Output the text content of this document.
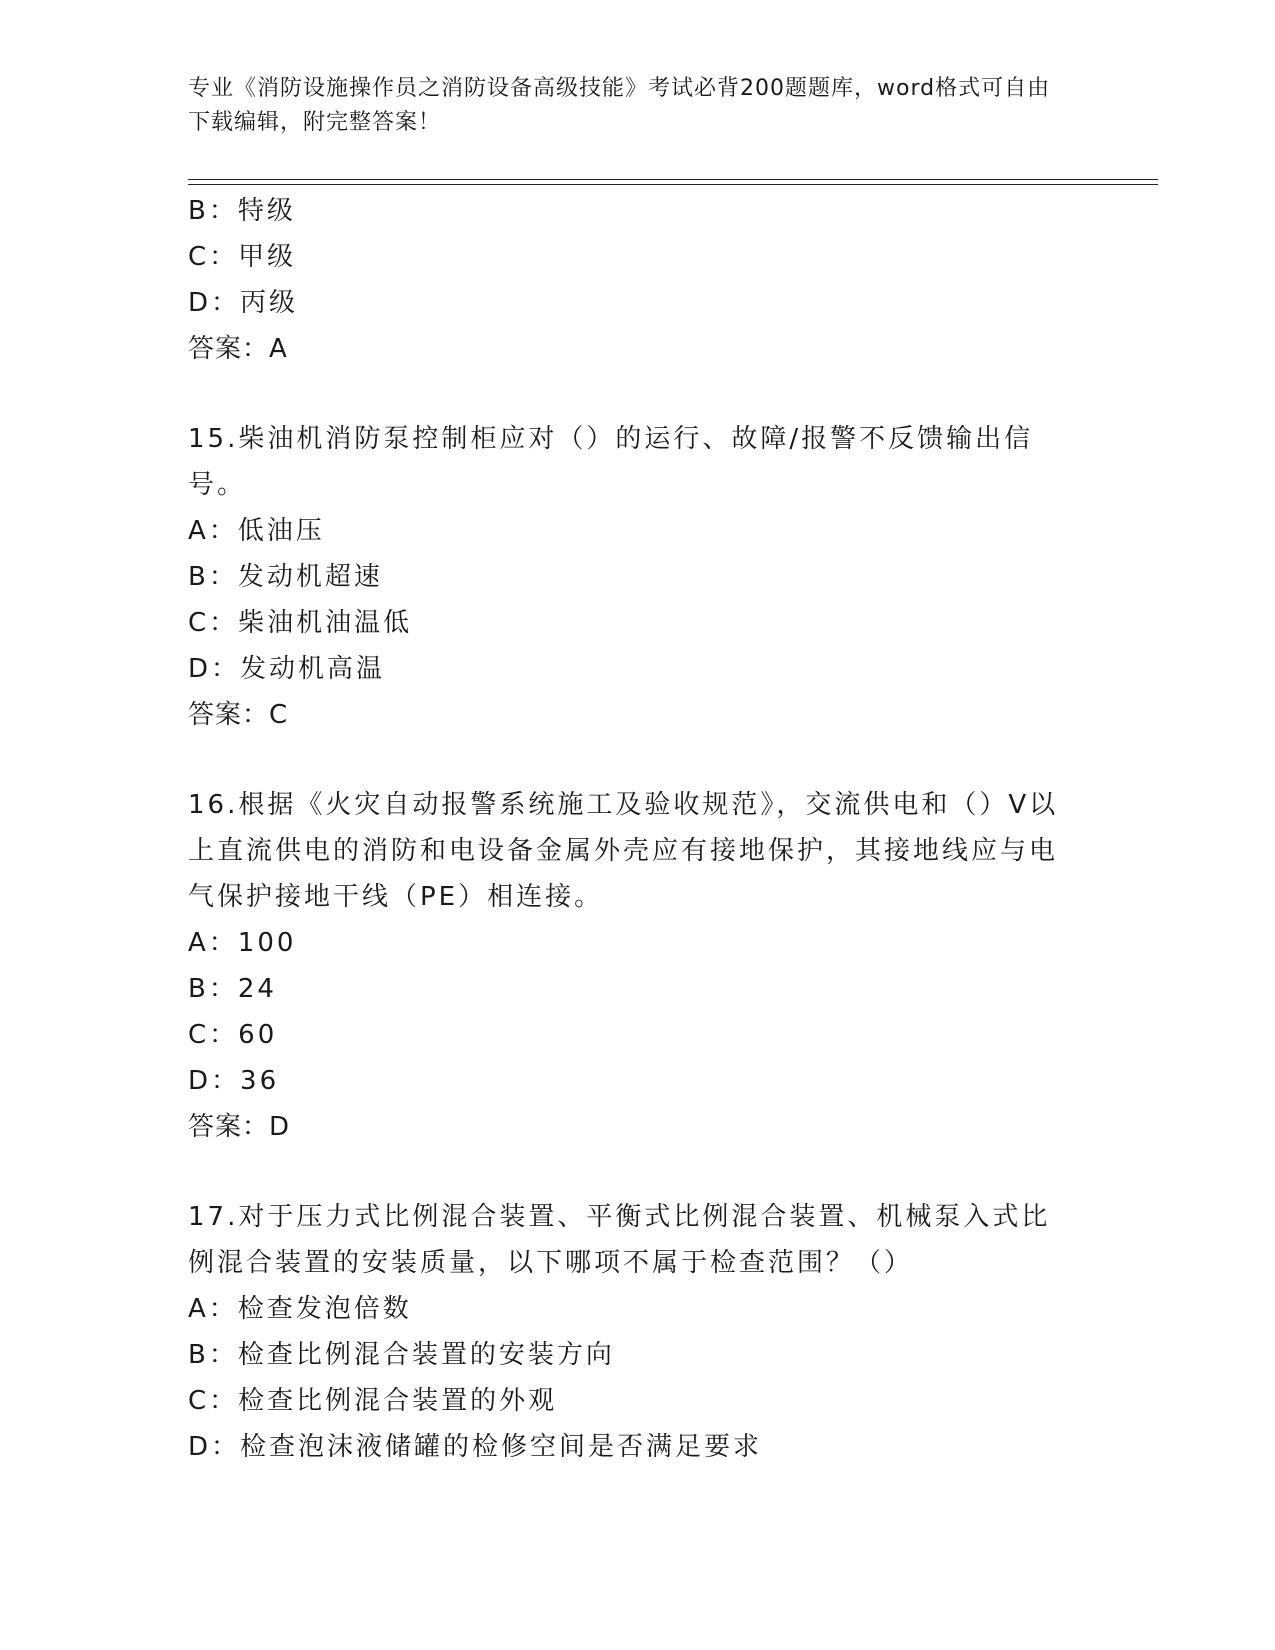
专业《消防设施操作员之消防设备高级技能》考试必背200题题库，word格式可自由下载编辑，附完整答案！
B：特级
C：甲级
D：丙级
答案：A
15.柴油机消防泵控制柜应对（）的运行、故障/报警不反馈输出信号。
A：低油压
B：发动机超速
C：柴油机油温低
D：发动机高温
答案：C
16.根据《火灾自动报警系统施工及验收规范》，交流供电和（）V以上直流供电的消防和电设备金属外壳应有接地保护，其接地线应与电气保护接地干线（PE）相连接。
A：100
B：24
C：60
D：36
答案：D
17.对于压力式比例混合装置、平衡式比例混合装置、机械泵入式比例混合装置的安装质量，以下哪项不属于检查范围？（）
A：检查发泡倍数
B：检查比例混合装置的安装方向
C：检查比例混合装置的外观
D：检查泡沫液储罐的检修空间是否满足要求
